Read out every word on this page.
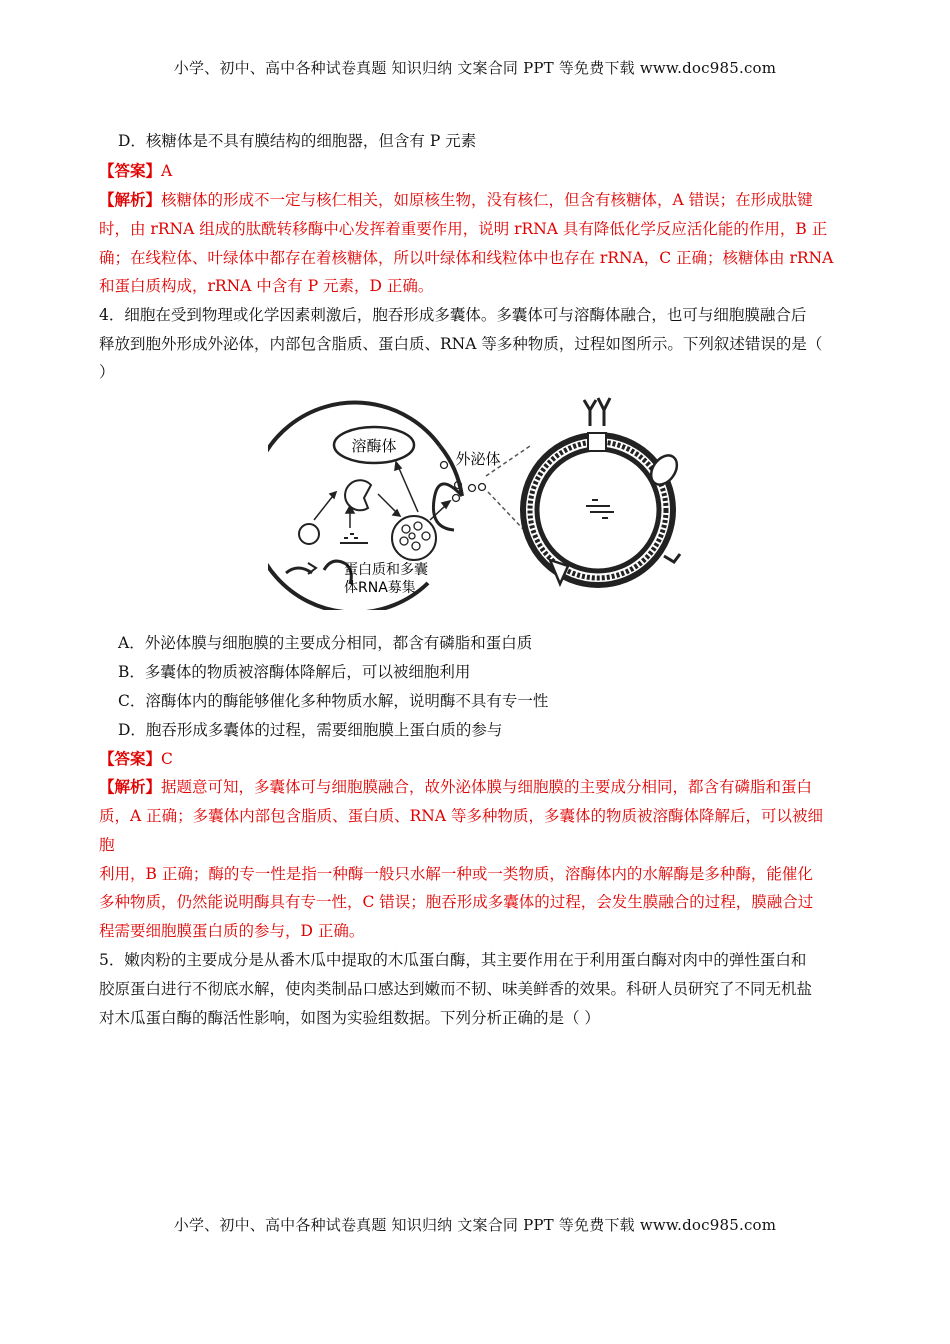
小学、初中、高中各种试卷真题 知识归纳 文案合同 PPT 等免费下载 www.doc985.com
D．核糖体是不具有膜结构的细胞器，但含有 P 元素
【答案】A
【解析】核糖体的形成不一定与核仁相关，如原核生物，没有核仁，但含有核糖体，A 错误；在形成肽键
时，由 rRNA 组成的肽酰转移酶中心发挥着重要作用，说明 rRNA 具有降低化学反应活化能的作用，B 正
确；在线粒体、叶绿体中都存在着核糖体，所以叶绿体和线粒体中也存在 rRNA，C 正确；核糖体由 rRNA
和蛋白质构成，rRNA 中含有 P 元素，D 正确。
4．细胞在受到物理或化学因素刺激后，胞吞形成多囊体。多囊体可与溶酶体融合，也可与细胞膜融合后
释放到胞外形成外泌体，内部包含脂质、蛋白质、RNA 等多种物质，过程如图所示。下列叙述错误的是（
）
A．外泌体膜与细胞膜的主要成分相同，都含有磷脂和蛋白质
B．多囊体的物质被溶酶体降解后，可以被细胞利用
C．溶酶体内的酶能够催化多种物质水解，说明酶不具有专一性
D．胞吞形成多囊体的过程，需要细胞膜上蛋白质的参与
【答案】C
【解析】据题意可知，多囊体可与细胞膜融合，故外泌体膜与细胞膜的主要成分相同，都含有磷脂和蛋白
质，A 正确；多囊体内部包含脂质、蛋白质、RNA 等多种物质，多囊体的物质被溶酶体降解后，可以被细
胞
利用，B 正确；酶的专一性是指一种酶一般只水解一种或一类物质，溶酶体内的水解酶是多种酶，能催化
多种物质，仍然能说明酶具有专一性，C 错误；胞吞形成多囊体的过程，会发生膜融合的过程，膜融合过
程需要细胞膜蛋白质的参与，D 正确。
5．嫩肉粉的主要成分是从番木瓜中提取的木瓜蛋白酶，其主要作用在于利用蛋白酶对肉中的弹性蛋白和
胶原蛋白进行不彻底水解，使肉类制品口感达到嫩而不韧、味美鲜香的效果。科研人员研究了不同无机盐
对木瓜蛋白酶的酶活性影响，如图为实验组数据。下列分析正确的是（ ）
溶酶体
外泌体
蛋白质和多囊
体RNA募集
小学、初中、高中各种试卷真题 知识归纳 文案合同 PPT 等免费下载 www.doc985.com
